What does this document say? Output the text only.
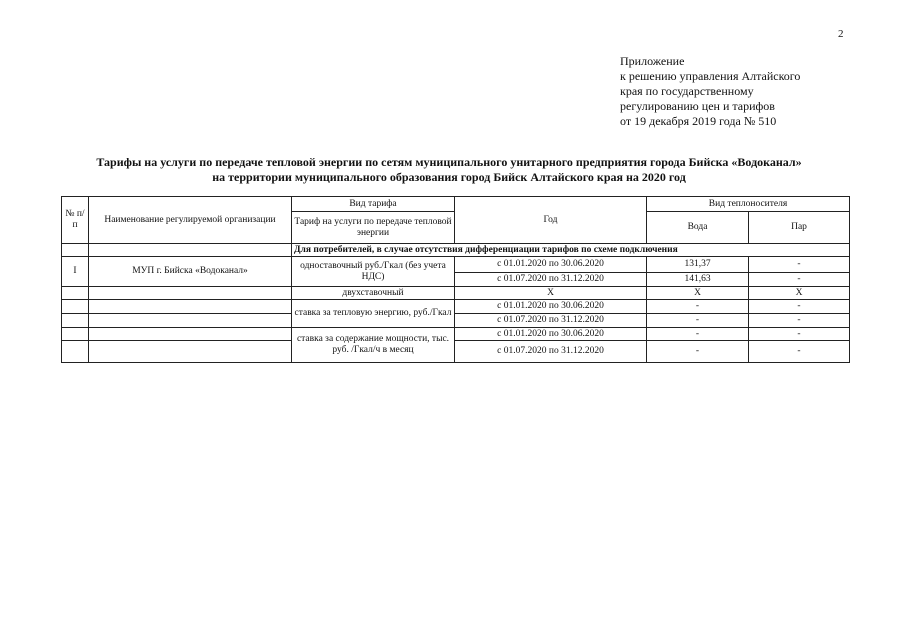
2
Приложение
к решению управления Алтайского
края по государственному
регулированию цен и тарифов
от 19 декабря 2019 года № 510
Тарифы на услуги по передаче тепловой энергии по сетям муниципального унитарного предприятия города Бийска «Водоканал»
на территории муниципального образования город Бийск Алтайского края на 2020 год
№ п/п	Наименование регулируемой организации	Вид тарифа	Год	Вид теплоносителя	
		Тариф на услуги по передаче тепловой энергии		Вода	Пар
		Для потребителей, в случае отсутствия дифференциации тарифов по схеме подключения			
I	МУП г. Бийска «Водоканал»	одноставочный руб./Гкал (без учета НДС)	с 01.01.2020 по 30.06.2020	131,37	-
			с 01.07.2020 по 31.12.2020	141,63	-
		двухставочный	Х	Х	Х
		ставка за тепловую энергию, руб./Гкал	с 01.01.2020 по 30.06.2020	-	-
			с 01.07.2020 по 31.12.2020	-	-
		ставка за содержание мощности, тыс. руб. /Гкал/ч в месяц	с 01.01.2020 по 30.06.2020	-	-
			с 01.07.2020 по 31.12.2020	-	-
